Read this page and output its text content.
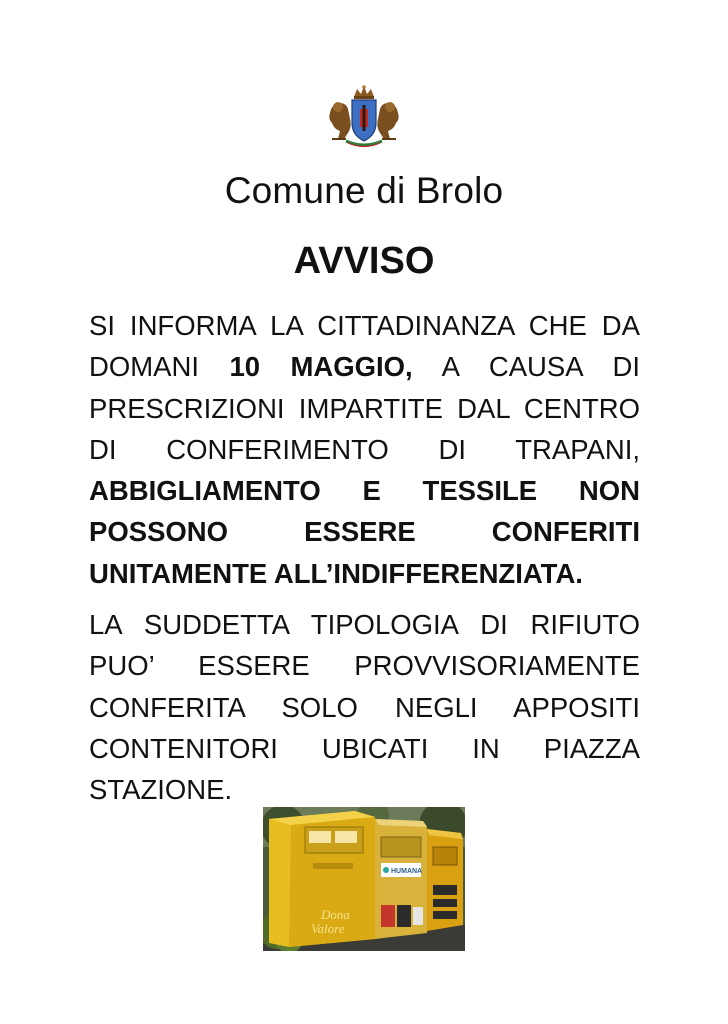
Comune di Brolo
AVVISO
SI INFORMA LA CITTADINANZA CHE DA DOMANI 10 MAGGIO, A CAUSA DI PRESCRIZIONI IMPARTITE DAL CENTRO DI CONFERIMENTO DI TRAPANI, ABBIGLIAMENTO E TESSILE NON POSSONO ESSERE CONFERITI UNITAMENTE ALL’INDIFFERENZIATA.
LA SUDDETTA TIPOLOGIA DI RIFIUTO PUO’ ESSERE PROVVISORIAMENTE CONFERITA SOLO NEGLI APPOSITI CONTENITORI UBICATI IN PIAZZA STAZIONE.
Dona
Valore
HUMANA
